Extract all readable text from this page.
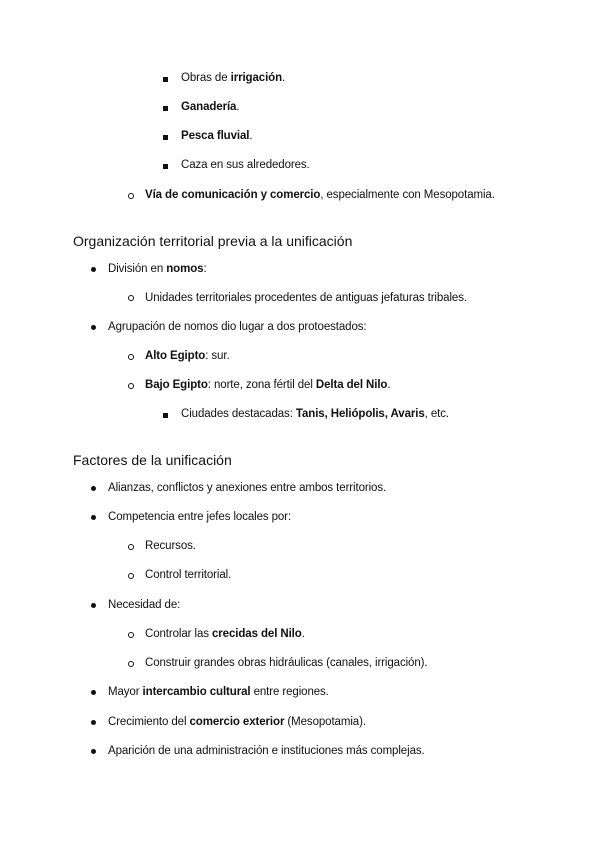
Obras de irrigación.
Ganadería.
Pesca fluvial.
Caza en sus alrededores.
Vía de comunicación y comercio, especialmente con Mesopotamia.
Organización territorial previa a la unificación
División en nomos:
Unidades territoriales procedentes de antiguas jefaturas tribales.
Agrupación de nomos dio lugar a dos protoestados:
Alto Egipto: sur.
Bajo Egipto: norte, zona fértil del Delta del Nilo.
Ciudades destacadas: Tanis, Heliópolis, Avaris, etc.
Factores de la unificación
Alianzas, conflictos y anexiones entre ambos territorios.
Competencia entre jefes locales por:
Recursos.
Control territorial.
Necesidad de:
Controlar las crecidas del Nilo.
Construir grandes obras hidráulicas (canales, irrigación).
Mayor intercambio cultural entre regiones.
Crecimiento del comercio exterior (Mesopotamia).
Aparición de una administración e instituciones más complejas.
